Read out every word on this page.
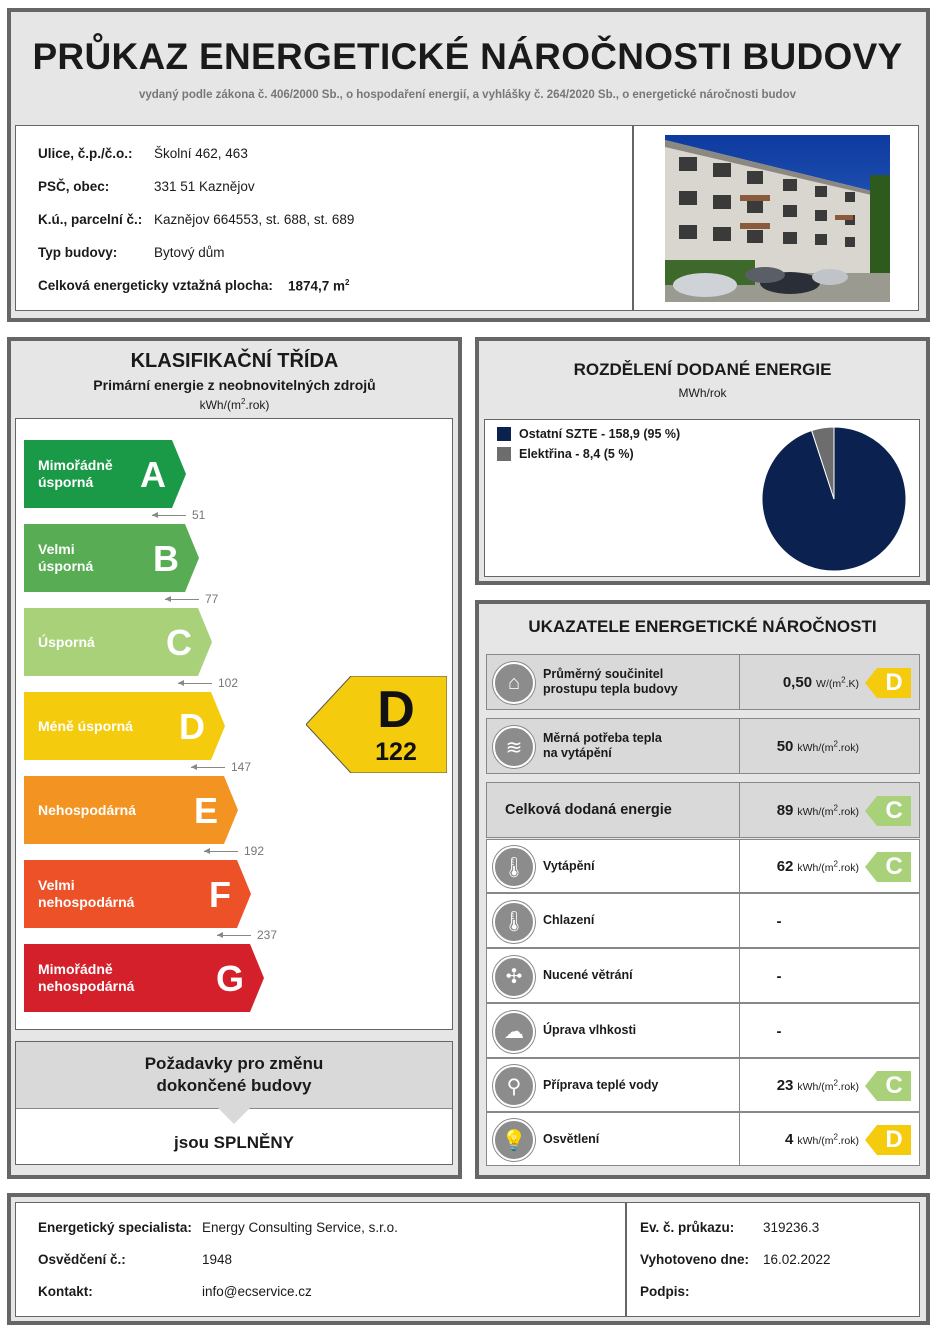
PRŮKAZ ENERGETICKÉ NÁROČNOSTI BUDOVY
vydaný podle zákona č. 406/2000 Sb., o hospodaření energií, a vyhlášky č. 264/2020 Sb., o energetické náročnosti budov
Ulice, č.p./č.o.: Školní 462, 463
PSČ, obec:	331 51 Kaznějov
K.ú., parcelní č.: Kaznějov 664553, st. 688, st. 689
Typ budovy:	Bytový dům
Celková energeticky vztažná plocha: 1874,7 $m^2$
KLASIFIKAČNÍ TŘÍDA
Primární energie z neobnovitelných zdrojů
kWh/$(m^2.rok)$
Mimořádně
úsporná	A
Velmi
úsporná B
Úsporná C
Méně úsporná D
Nehospodárná E
Velmi
nehospodárná F
Mimořádně
nehospodárná G
51
77
102
147
192
237
D
122
Požadavky pro změnu
dokončené budovy
jsou SPLNĚNY
ROZDĚLENÍ DODANÉ ENERGIE
MWh/rok
Ostatní SZTE - 158,9 (95 %)
Elektřina - 8,4 (5 %)
UKAZATELE ENERGETICKÉ NÁROČNOSTI
⌂	Průměrný součinitel
prostupu tepla budovy	0,50 $W/(m^2.K)$	D
≋	Měrná potřeba tepla
na vytápění	50 kWh/$(m^2.rok)$
Celková dodaná energie	89 kWh/$(m^2.rok)$	C
🌡	Vytápění	62 kWh/$(m^2.rok)$	C
🌡	Chlazení	-
✣	Nucené větrání	-
☁	Úprava vlhkosti	-
⚲	Příprava teplé vody	23 kWh/$(m^2.rok)$	C
💡	Osvětlení	4 kWh/$(m^2.rok)$	D
Energetický specialista: Energy Consulting Service, s.r.o.
Osvědčení č.:	1948
Kontakt:	info@ecservice.cz
Ev. č. průkazu: 319236.3
Vyhotoveno dne: 16.02.2022
Podpis:
